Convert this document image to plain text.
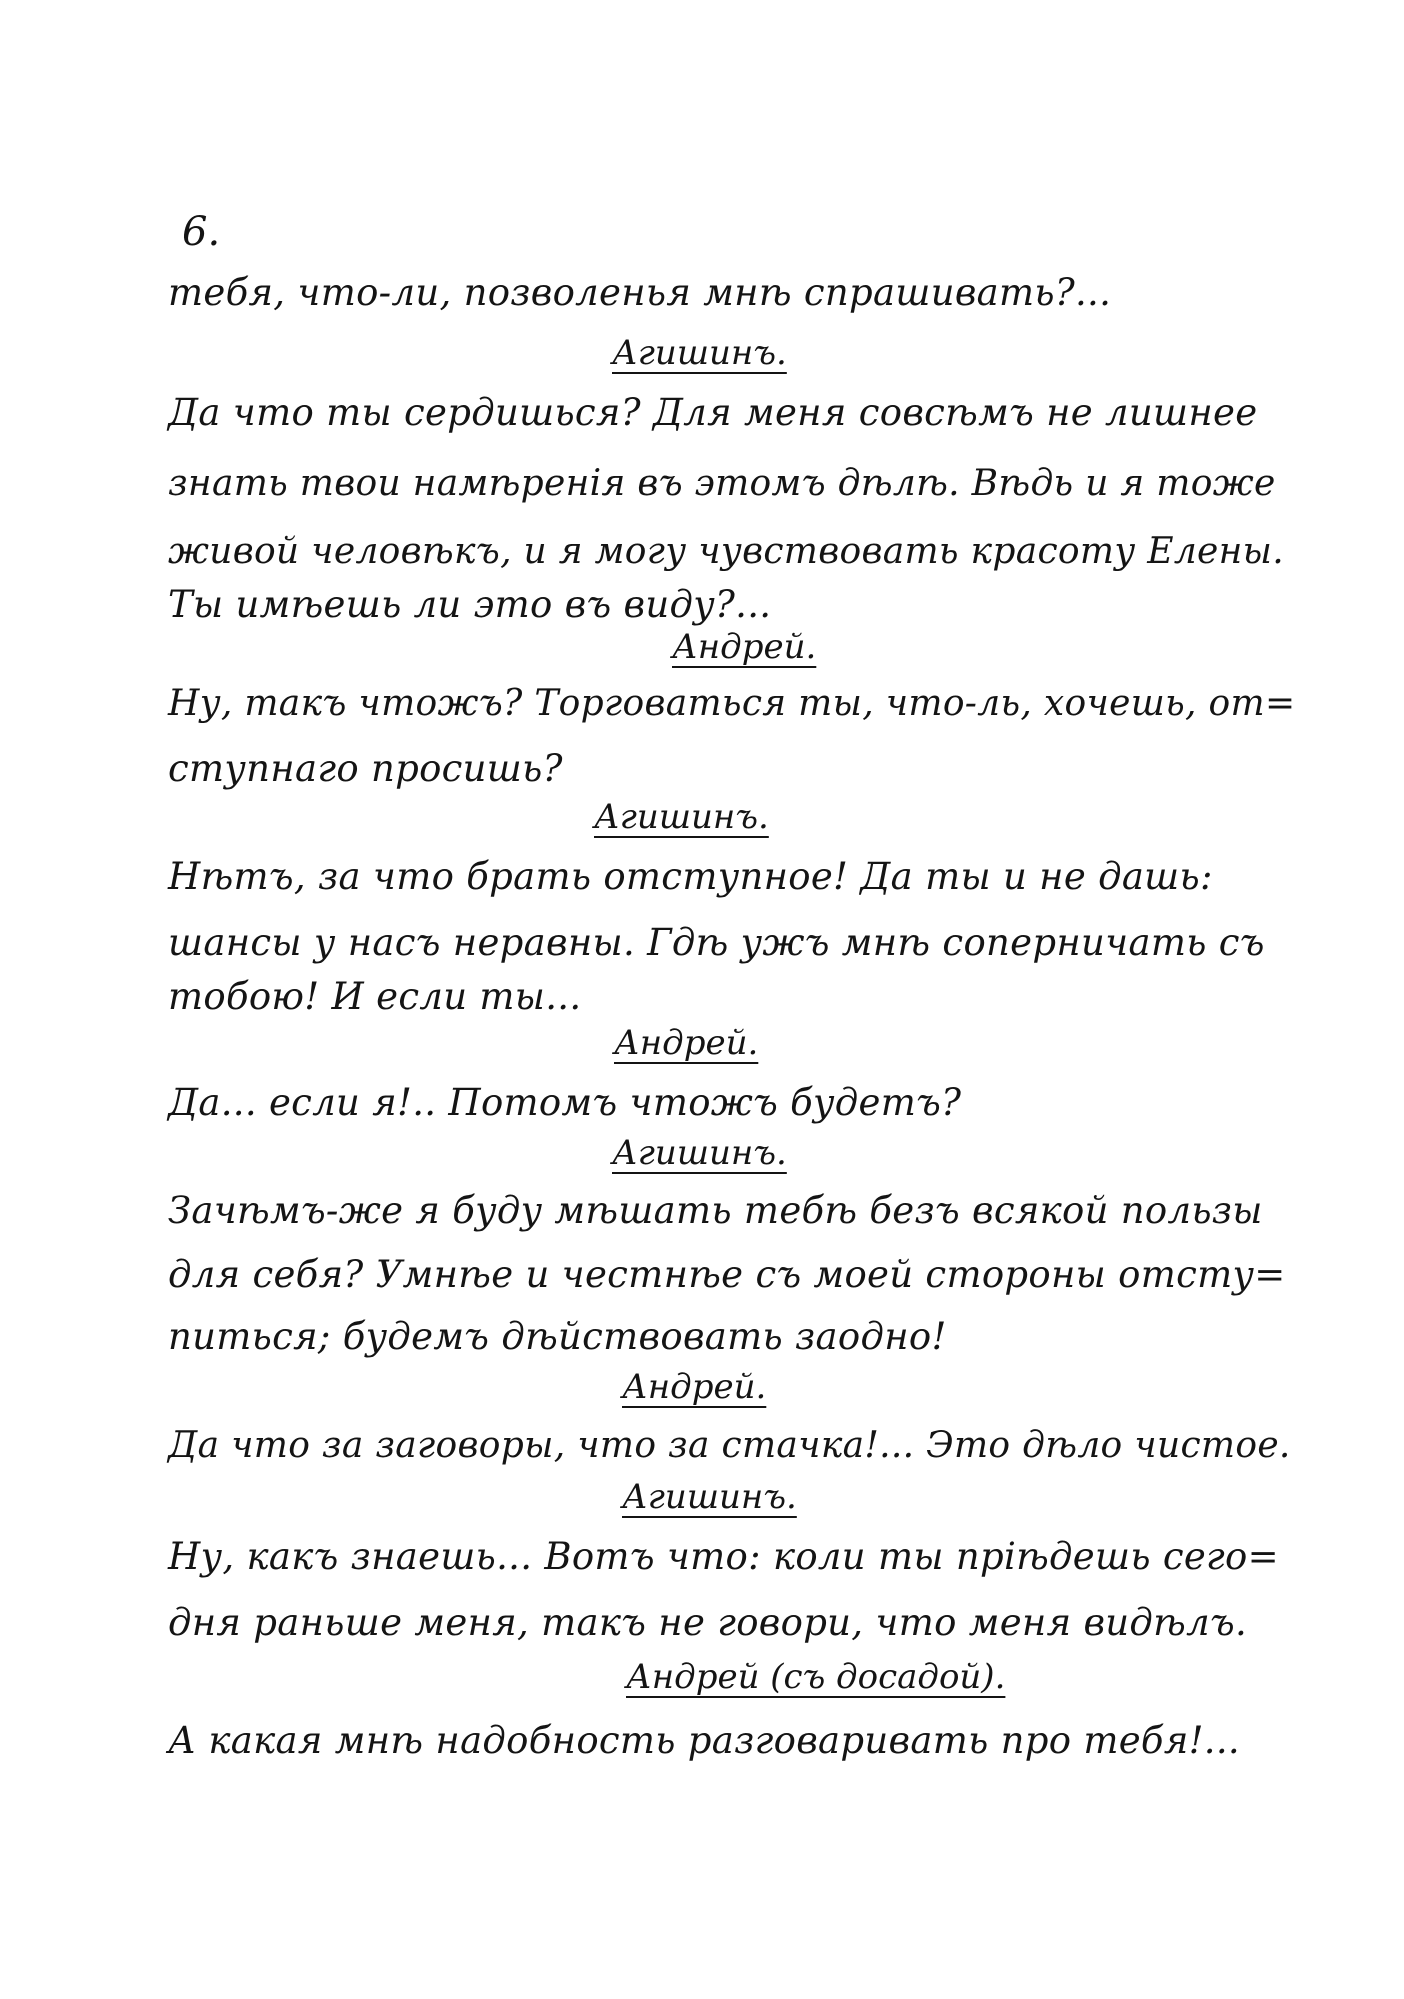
6.
тебя, что-ли, позволенья мнѣ спрашивать?...
Агишинъ.
Да что ты сердишься? Для меня совсѣмъ не лишнее
знать твои намѣренія въ этомъ дѣлѣ. Вѣдь и я тоже
живой человѣкъ, и я могу чувствовать красоту Елены.
Ты имѣешь ли это въ виду?...
Андрей.
Ну, такъ чтожъ? Торговаться ты, что-ль, хочешь, от=
ступнаго просишь?
Агишинъ.
Нѣтъ, за что брать отступное! Да ты и не дашь:
шансы у насъ неравны. Гдѣ ужъ мнѣ соперничать съ
тобою! И если ты...
Андрей.
Да... если я!.. Потомъ чтожъ будетъ?
Агишинъ.
Зачѣмъ-же я буду мѣшать тебѣ безъ всякой пользы
для себя? Умнѣе и честнѣе съ моей стороны отсту=
питься; будемъ дѣйствовать заодно!
Андрей.
Да что за заговоры, что за стачка!... Это дѣло чистое.
Агишинъ.
Ну, какъ знаешь... Вотъ что: коли ты пріѣдешь сего=
дня раньше меня, такъ не говори, что меня видѣлъ.
Андрей (съ досадой).
А какая мнѣ надобность разговаривать про тебя!...
